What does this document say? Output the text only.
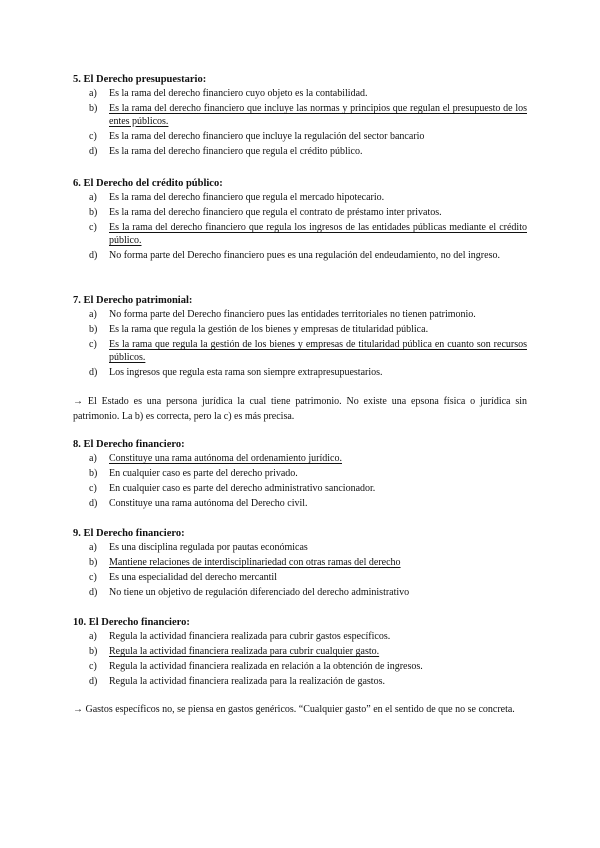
5. El Derecho presupuestario:
a) Es la rama del derecho financiero cuyo objeto es la contabilidad.
b) Es la rama del derecho financiero que incluye las normas y principios que regulan el presupuesto de los entes públicos.
c) Es la rama del derecho financiero que incluye la regulación del sector bancario
d) Es la rama del derecho financiero que regula el crédito público.
6. El Derecho del crédito público:
a) Es la rama del derecho financiero que regula el mercado hipotecario.
b) Es la rama del derecho financiero que regula el contrato de préstamo inter privatos.
c) Es la rama del derecho financiero que regula los ingresos de las entidades públicas mediante el crédito público.
d) No forma parte del Derecho financiero pues es una regulación del endeudamiento, no del ingreso.
7. El Derecho patrimonial:
a) No forma parte del Derecho financiero pues las entidades territoriales no tienen patrimonio.
b) Es la rama que regula la gestión de los bienes y empresas de titularidad pública.
c) Es la rama que regula la gestión de los bienes y empresas de titularidad pública en cuanto son recursos públicos.
d) Los ingresos que regula esta rama son siempre extrapresupuestarios.
→ El Estado es una persona jurídica la cual tiene patrimonio. No existe una epsona física o jurídica sin patrimonio. La b) es correcta, pero la c) es más precisa.
8. El Derecho financiero:
a) Constituye una rama autónoma del ordenamiento jurídico.
b) En cualquier caso es parte del derecho privado.
c) En cualquier caso es parte del derecho administrativo sancionador.
d) Constituye una rama autónoma del Derecho civil.
9. El Derecho financiero:
a) Es una disciplina regulada por pautas económicas
b) Mantiene relaciones de interdisciplinariedad con otras ramas del derecho
c) Es una especialidad del derecho mercantil
d) No tiene un objetivo de regulación diferenciado del derecho administrativo
10. El Derecho financiero:
a) Regula la actividad financiera realizada para cubrir gastos específicos.
b) Regula la actividad financiera realizada para cubrir cualquier gasto.
c) Regula la actividad financiera realizada en relación a la obtención de ingresos.
d) Regula la actividad financiera realizada para la realización de gastos.
→ Gastos específicos no, se piensa en gastos genéricos. “Cualquier gasto” en el sentido de que no se concreta.
